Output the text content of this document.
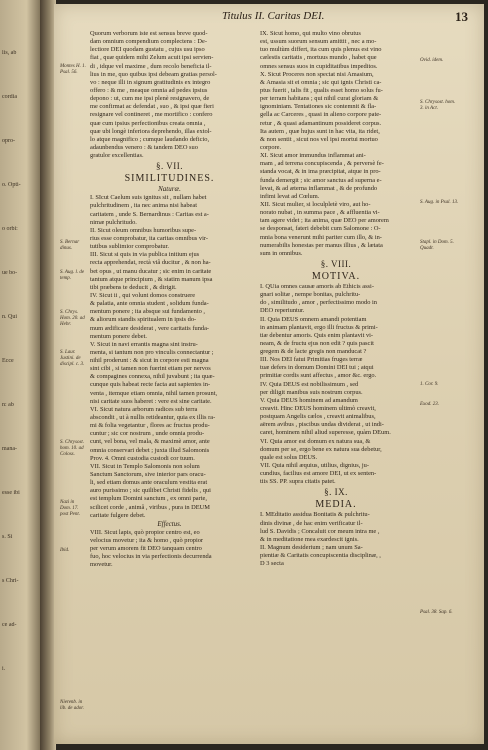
lis, ab
cordia
opro-
o. Opti-
o orbi:
ue bo-
n. Qui
Ecce
n: ab
mana-
esse ibi
s. Si
s Chri-
ce ad-
i.
Titulus II. Caritas DEI.	13
Quorum verborum iste est sensus breve quod-
dam omnium compendium complectens : De-
lectiore DEI quodam gustatu , cujus usu ipso
fiat , quæ quidem mihi Zelum acuit ipsi servien-
di , idque vel maxime , dum recolo beneficia il-
lius in me, quo quibus ipsi debeam gratias persol-
vo : neque illi in signum gratitudinis ex integro
offero : & me , meaque omnia ad pedes ipsius
depono : ut, cum me ipsi plenè resignavero, de
me confirmat ac defendat , suo , & ipsi quæ fieri
resignare vel contineret , me mortifico : confero
quæ cum ipsius perfectionibus creata omnia ,
quæ ubi longè inferiora deprehendo, illas extol-
lo atque magnifico ; cumque laudando deficio,
adaunbendus venero : & tandem DEO suo
gratulor excellentias.
§. VII.
SIMILITUDINES.
Naturæ.
I. SIcut Caelum suis ignitus sit , nullam habet
pulchritudinem , ita nec anima nisi habeat
caritatem , unde S. Bernardinus : Caritas est a-
nimæ pulchritudo.
II. Sicut oleum omnibus humoribus supe-
rius esse comprobatur, ita caritas omnibus vir-
tutibus sublimior comprobatur.
III. Sicut si quis in via publica initium ejus
recta apprehendat, rectà viâ ducitur , & non ha-
bet opus , ut manu ducatur ; sic enim in caritate
tantum atque principium , & statim manum ipsa
tibi præbens te deducit , & dirigit.
IV. Sicut ii , qui volunt domos construere
& palatia, ante omnia student , solidum funda-
mentum ponere ; ita absque sui fundamento ,
& aliorum standis spiritualem in ipsis do-
mum ædificare desiderat , vere caritatis funda-
mentum ponere debet.
V. Sicut in navi errantis magna sint instru-
menta, si tantum non pro vinculis connectantur ;
nihil proderunt : & sicut in corpore esti magna
sint cibi , si tamen non fuerint etiam per nervos
& compagines connexa, nihil juvabunt ; ita quæ-
cunque quis habeat recte facta aut sapientes in-
venta , itemque etiam omnia, nihil tamen prosunt,
nisi caritate suos haberet : vere est sine caritate.
VI. Sicut natura arborum radices sub terra
abscondit , ut à nullis retideantur, quia ex illis ra-
mi & folia vegetantur , flores ac fructus produ-
cuntur ; sic cor nostrum , unde omnia produ-
cunt, vel bona, vel mala, & maximè amor, ante
omnia conservari debet ; juxta illud Salomonis
Prov. 4. Omni custodia custodi cor tuum.
VII. Sicut in Templo Salomonis non solum
Sanctum Sanctorum, sive interior pars oracu-
li, sed etiam domus ante oraculum vestita erat
auro purissimo ; sic quilibet Christi fidelis , qui
est templum Domini sanctum , ex omni parte,
scilicet corde , animâ , viribus , pura in DEUM
caritate fulgere debet.
Effectus.
VIII. Sicut lapis, quò propior centro est, eo
velocius movetur ; ita & homo , quò propior
per verum amorem fit DEO tanquam centro
fuo, hoc velocius in via perfectionis decurrenda
movetur.
IX. Sicut homo, qui multo vino obrutus
est, ussum suorum sensum amittit , nec a mo-
tuo multùm differt, ita cum quis plenus est vino
cælestis caritatis , mortuus mundo , habet que
omnes sensus suos in cupiditatibus impeditos.
X. Sicut Proceres non spectat nisi Amasium,
& Amasia sit ei omnia ; sic qui ignis Christi ca-
ptus fuerit , talis fit , qualis esset homo solus fu-
per terram habitans ; qui nihil curat gloriam &
ignominiam. Tentationes sic contemnit & fla-
gella ac Carceres , quasi in alieno corpore pate-
retur , & quasi adamantinum possideret corpus.
Ita autem , quæ hujus sunt in hac vita, ita ridet,
& non sentit , sicut nos vel ipsi mortui mortuo
corpore.
XI. Sicut amor immundus inflammat ani-
mam , ad terrena concupiscenda , & perversè fe-
standa vocat, & in ima præcipitat, atque in pro-
funda demergit ; sic amor sanctus ad superna e-
levat, & ad æterna inflammat , & de profundo
infimi levat ad Cœlum.
XII. Sicut mulier, si loculpletè viro, aut ho-
norato nubat , in summa pace , & affluentia vi-
tam agere videt ; ita anima, quæ DEO per amorem
se desponsat, fateri debebit cum Salomone : O-
mnia bona venerunt mihi pariter cum illo, & in-
numerabilis honestas per manus illius , & lætata
sum in omnibus.
§. VIII.
MOTIVA.
I. QUia omnes causæ amoris ab Ethicis assi-
gnari solitæ , nempe bonitas, pulchritu-
do , similitudo , amor , perfectissimo modo in
DEO reperiuntur.
II. Quia DEUS omnem amandi potentiam
in animam plantavit, ergo illi fructus & primi-
tiæ debentur amoris. Quis enim plantavit vi-
neam, & de fructu ejus non edit ? quis pascit
gregem & de lacte gregis non manducat ?
III. Nos DEI fatui Primitias fruges terræ
tuæ defers in domum Domini DEI tui ; atqui
primitiæ cordis sunt affectus , amor &c. ergo.
IV. Quia DEUS est nobilissimum , sed
per diligit manibus suis nostrum corpus.
V. Quia DEUS hominem ad amandum
creavit. Hinc DEUS hominem ultimò creavit,
postquam Angelis cælos , creavit animalibus,
aërem avibus , piscibus undas dividerat , ut indi-
caret, hominem nihil aliud superesse, quàm DEum.
VI. Quia amor est domum ex natura sua, &
domum per se, ergo bene ex natura sua debetur,
quale est solus DEUS.
VII. Quia nihil æquius, utilius, dignius, ju-
cundius, facilius est amore DEI, ut ex senten-
tiis SS. PP. supra citatis patet.
§. IX.
MEDIA.
I. MEditatio assidua Bonitatis & pulchritu-
dinis divinæ , de hac enim verificatur il-
lud S. Davidis ; Concaluit cor meum intra me ,
& in meditatione mea exardescit ignis.
II. Magnum desiderium ; nam unum Sa-
pientiæ & Caritatis concupiscentia disciplinæ, ,
D 3 secta
Montes H. 1. Psal. 56.
S. Bernar dinus.
S. Aug. l. de temp.
S. Chrys. Hom. 20. ad Hebr.
S. Laur. Justini. de discipl. c. 3.
S. Chrysost. hom. 10. ad Coloss.
Nazi in Dom. 17. post Pent.
Ibid.
Nierenb. in lib. de ador.
Ovid. idem.
S. Chrysost. hom. 3. in Act.
S. Aug. in Psal. 13.
Stapl. in Dom. 5. Quadr.
1. Cor. 9.
Exod. 23.
Psal. 38. Sap. 6.
